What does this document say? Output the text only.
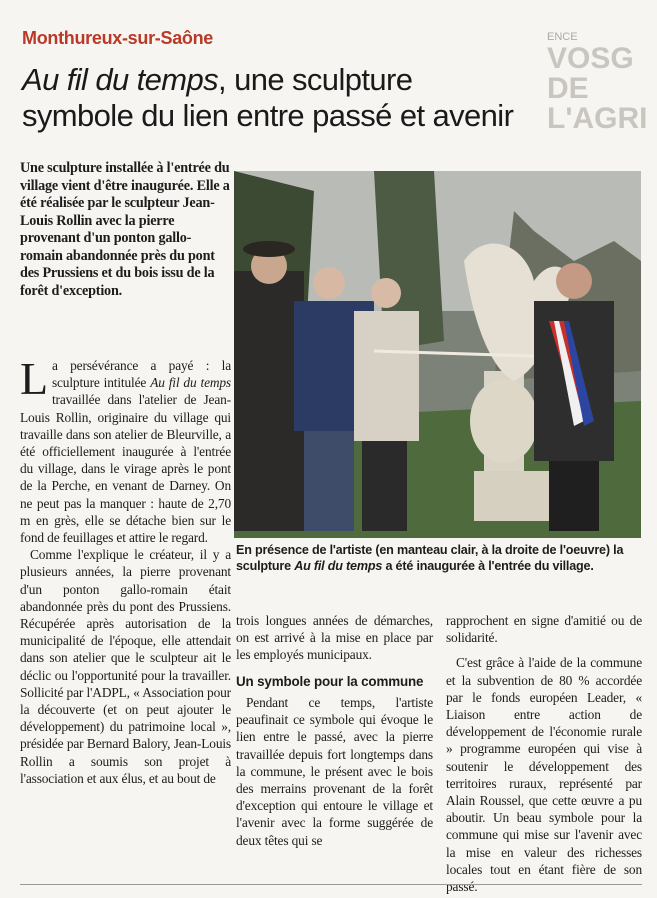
ENCE
VOSG
DE L'AGRI
Monthureux-sur-Saône
Au fil du temps, une sculpture
symbole du lien entre passé et avenir
Une sculpture installée à l'entrée du village vient d'être inaugurée. Elle a été réalisée par le sculpteur Jean-Louis Rollin avec la pierre provenant d'un ponton gallo-romain abandonnée près du pont des Prussiens et du bois issu de la forêt d'exception.

La persévérance a payé : la sculpture intitulée Au fil du temps travaillée dans l'atelier de Jean-Louis Rollin, originaire du village qui travaille dans son atelier de Bleurville, a été officiellement inaugurée à l'entrée du village, dans le virage après le pont de la Perche, en venant de Darney. On ne peut pas la manquer : haute de 2,70 m en grès, elle se détache bien sur le fond de feuillages et attire le regard.

Comme l'explique le créateur, il y a plusieurs années, la pierre provenant d'un ponton gallo-romain était abandonnée près du pont des Prussiens. Récupérée après autorisation de la municipalité de l'époque, elle attendait dans son atelier que le sculpteur ait le déclic ou l'opportunité pour la travailler. Sollicité par l'ADPL, « Association pour la découverte (et on peut ajouter le développement) du patrimoine local », présidée par Bernard Balory, Jean-Louis Rollin a soumis son projet à l'association et aux élus, et au bout de

En présence de l'artiste (en manteau clair, à la droite de l'oeuvre) la sculpture Au fil du temps a été inaugurée à l'entrée du village.

trois longues années de démarches, on est arrivé à la mise en place par les employés municipaux.

Un symbole pour la commune

Pendant ce temps, l'artiste peaufinait ce symbole qui évoque le lien entre le passé, avec la pierre travaillée depuis fort longtemps dans la commune, le présent avec le bois des merrains provenant de la forêt d'exception qui entoure le village et l'avenir avec la forme suggérée de deux têtes qui se

rapprochent en signe d'amitié ou de solidarité.

C'est grâce à l'aide de la commune et la subvention de 80 % accordée par le fonds européen Leader, « Liaison entre action de développement de l'économie rurale » programme européen qui vise à soutenir le développement des territoires ruraux, représenté par Alain Roussel, que cette œuvre a pu aboutir. Un beau symbole pour la commune qui mise sur l'avenir avec la mise en valeur des richesses locales tout en étant fière de son passé.
